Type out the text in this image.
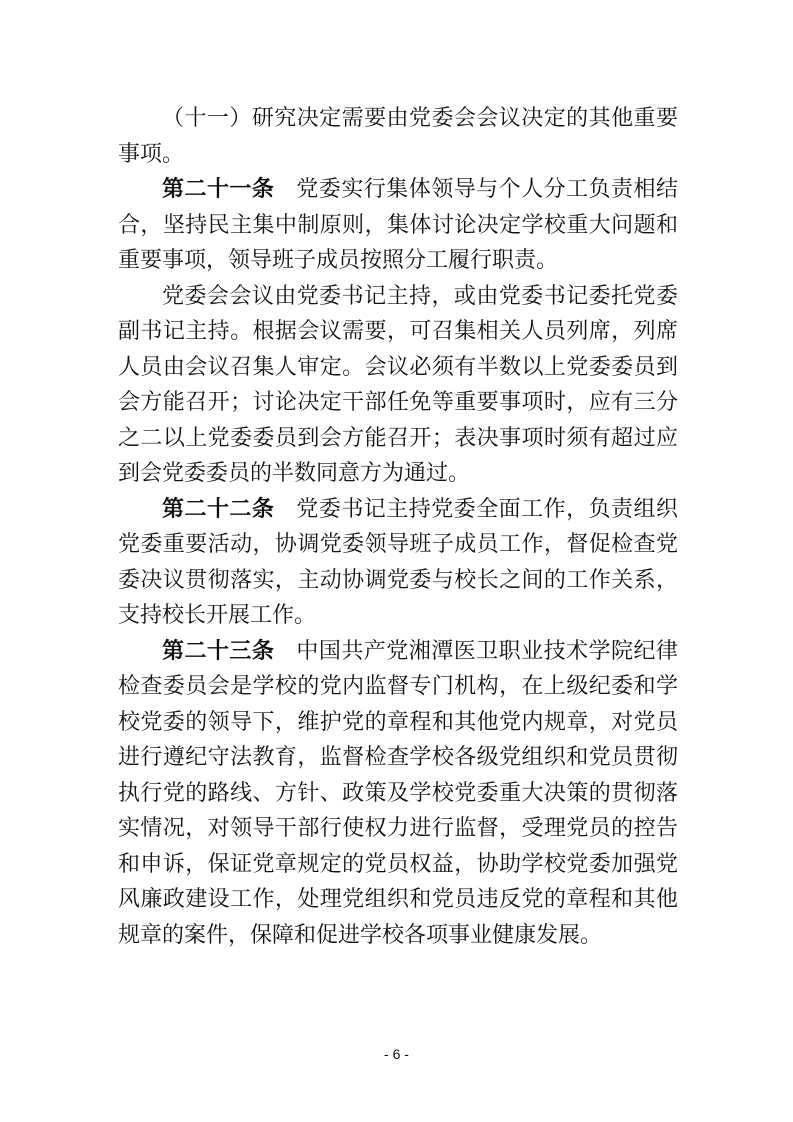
（十一）研究决定需要由党委会会议决定的其他重要事项。

第二十一条 党委实行集体领导与个人分工负责相结合，坚持民主集中制原则，集体讨论决定学校重大问题和重要事项，领导班子成员按照分工履行职责。

党委会会议由党委书记主持，或由党委书记委托党委副书记主持。根据会议需要，可召集相关人员列席，列席人员由会议召集人审定。会议必须有半数以上党委委员到会方能召开；讨论决定干部任免等重要事项时，应有三分之二以上党委委员到会方能召开；表决事项时须有超过应到会党委委员的半数同意方为通过。

第二十二条 党委书记主持党委全面工作，负责组织党委重要活动，协调党委领导班子成员工作，督促检查党委决议贯彻落实，主动协调党委与校长之间的工作关系，支持校长开展工作。

第二十三条 中国共产党湘潭医卫职业技术学院纪律检查委员会是学校的党内监督专门机构，在上级纪委和学校党委的领导下，维护党的章程和其他党内规章，对党员进行遵纪守法教育，监督检查学校各级党组织和党员贯彻执行党的路线、方针、政策及学校党委重大决策的贯彻落实情况，对领导干部行使权力进行监督，受理党员的控告和申诉，保证党章规定的党员权益，协助学校党委加强党风廉政建设工作，处理党组织和党员违反党的章程和其他规章的案件，保障和促进学校各项事业健康发展。

- 6 -
